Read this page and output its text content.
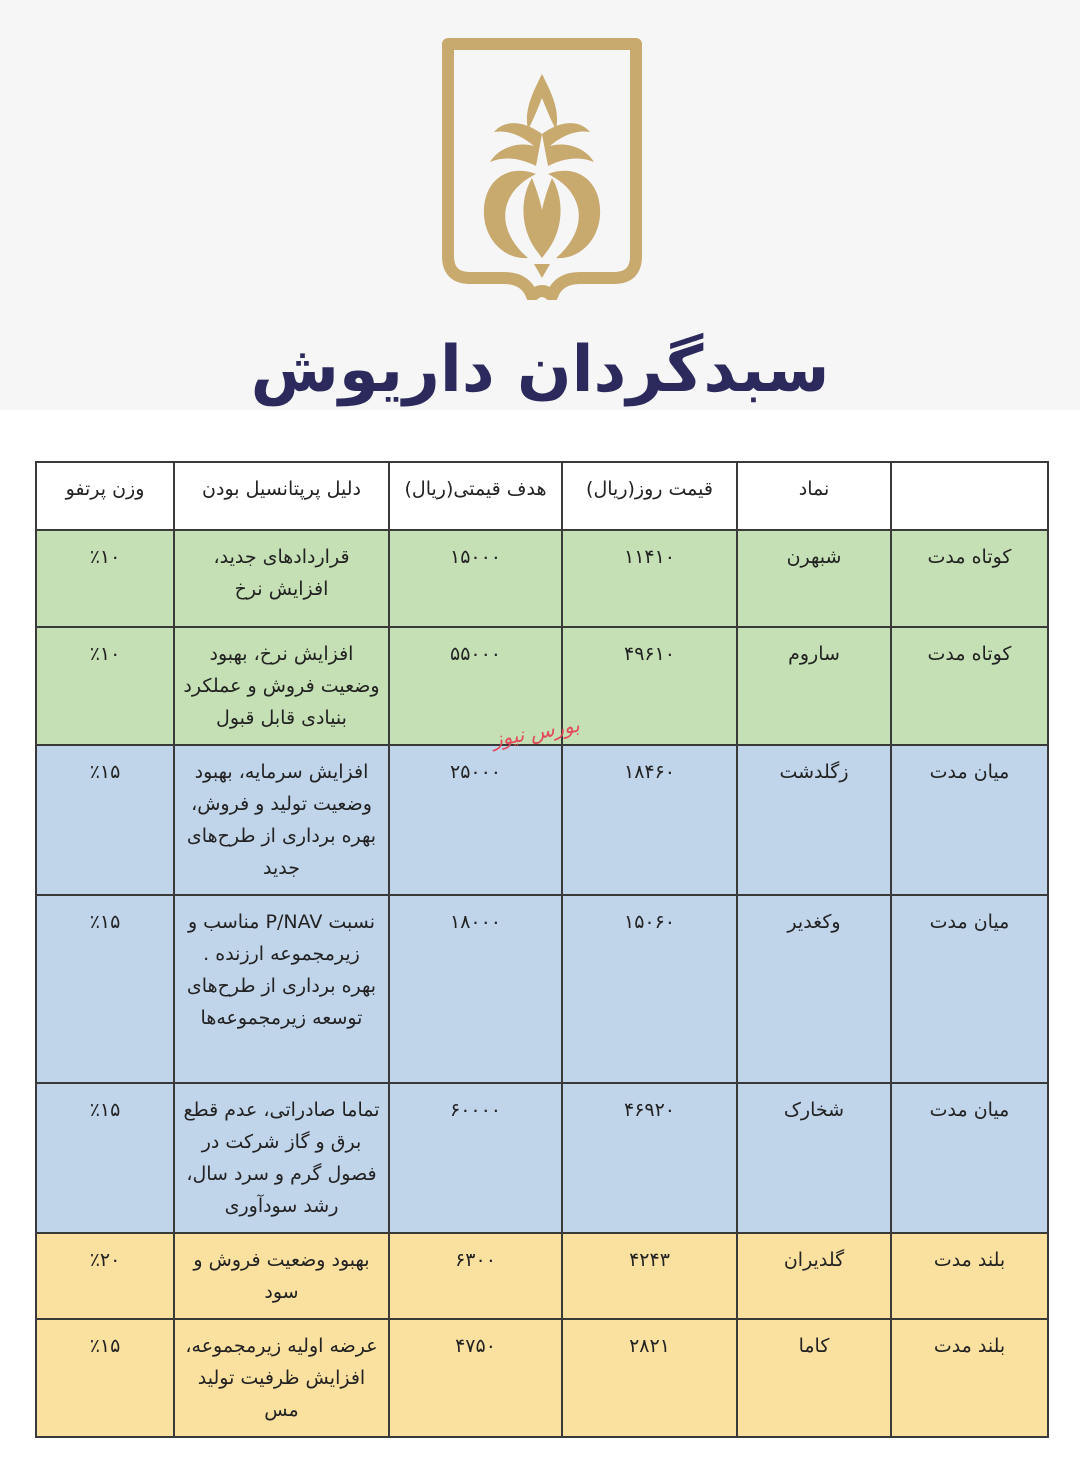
سبدگردان داریوش
	نماد	قیمت روز(ریال)	هدف قیمتی(ریال)	دلیل پرپتانسیل بودن	وزن پرتفو
کوتاه مدت	شبهرن	۱۱۴۱۰	۱۵۰۰۰	قراردادهای جدید، افزایش نرخ	٪۱۰
کوتاه مدت	ساروم	۴۹۶۱۰	۵۵۰۰۰	افزایش نرخ، بهبود وضعیت فروش و عملکرد بنیادی قابل قبول	٪۱۰
میان مدت	زگلدشت	۱۸۴۶۰	۲۵۰۰۰	افزایش سرمایه، بهبود وضعیت تولید و فروش، بهره برداری از طرح‌های جدید	٪۱۵
میان مدت	وکغدیر	۱۵۰۶۰	۱۸۰۰۰	نسبت P/NAV مناسب و زیرمجموعه ارزنده . بهره برداری از طرح‌های توسعه زیرمجموعه‌ها	٪۱۵
میان مدت	شخارک	۴۶۹۲۰	۶۰۰۰۰	تماما صادراتی، عدم قطع برق و گاز شرکت در فصول گرم و سرد سال، رشد سودآوری	٪۱۵
بلند مدت	گلدیران	۴۲۴۳	۶۳۰۰	بهبود وضعیت فروش و سود	٪۲۰
بلند مدت	کاما	۲۸۲۱	۴۷۵۰	عرضه اولیه زیرمجموعه، افزایش ظرفیت تولید مس	٪۱۵
بورس نیوز
